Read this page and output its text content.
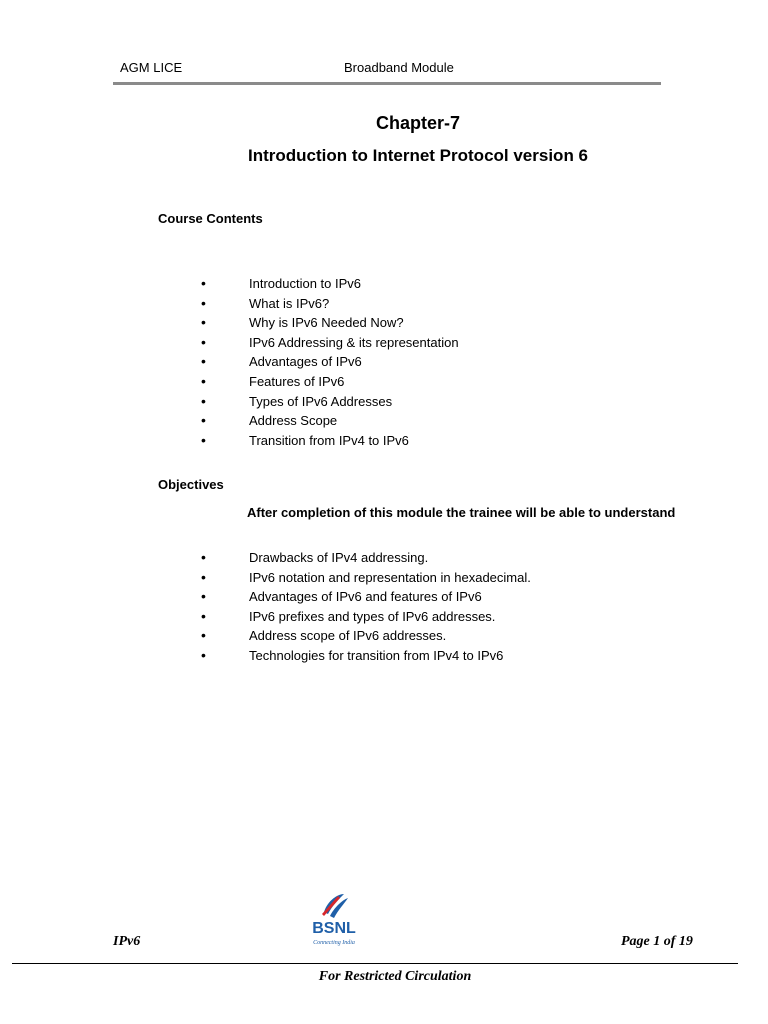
AGM LICE	Broadband Module
Chapter-7
Introduction to Internet Protocol version 6
Course Contents
•	Introduction to IPv6
•	What is IPv6?
•	Why is IPv6 Needed Now?
•	IPv6 Addressing & its representation
•	Advantages of IPv6
•	Features of IPv6
•	Types of IPv6 Addresses
•	Address Scope
•	Transition from IPv4 to IPv6
Objectives
After completion of this module the trainee will be able to understand
•	Drawbacks of IPv4 addressing.
•	IPv6 notation and representation in hexadecimal.
•	Advantages of IPv6 and features of IPv6
•	IPv6 prefixes and types of IPv6 addresses.
•	Address scope of IPv6 addresses.
•	Technologies for transition from IPv4 to IPv6
BSNL
Connecting India
IPv6	Page 1 of 19
For Restricted Circulation
